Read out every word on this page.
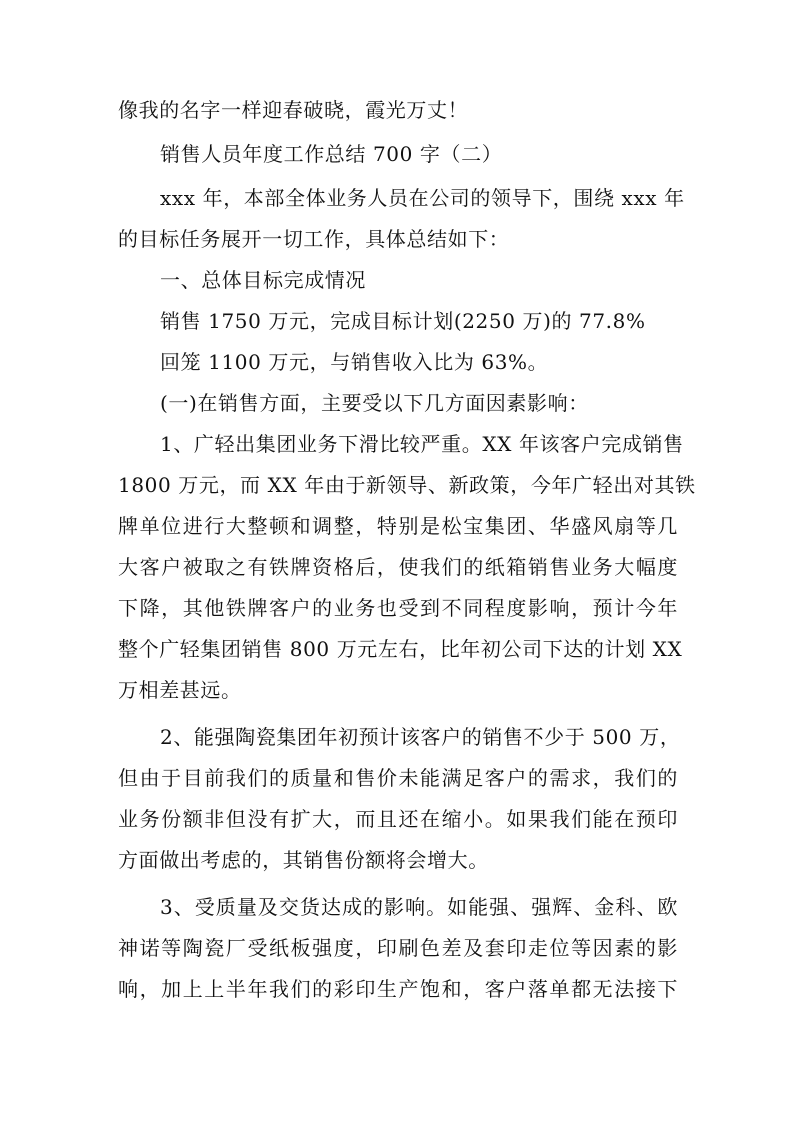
像我的名字一样迎春破晓，霞光万丈！
销售人员年度工作总结 700 字（二）
xxx 年，本部全体业务人员在公司的领导下，围绕 xxx 年
的目标任务展开一切工作，具体总结如下：
一、总体目标完成情况
销售 1750 万元，完成目标计划(2250 万)的 77.8%
回笼 1100 万元，与销售收入比为 63%。
(一)在销售方面，主要受以下几方面因素影响：
1、广轻出集团业务下滑比较严重。XX 年该客户完成销售
1800 万元，而 XX 年由于新领导、新政策，今年广轻出对其铁
牌单位进行大整顿和调整，特别是松宝集团、华盛风扇等几
大客户被取之有铁牌资格后，使我们的纸箱销售业务大幅度
下降，其他铁牌客户的业务也受到不同程度影响，预计今年
整个广轻集团销售 800 万元左右，比年初公司下达的计划 XX
万相差甚远。
2、能强陶瓷集团年初预计该客户的销售不少于 500 万，
但由于目前我们的质量和售价未能满足客户的需求，我们的
业务份额非但没有扩大，而且还在缩小。如果我们能在预印
方面做出考虑的，其销售份额将会增大。
3、受质量及交货达成的影响。如能强、强辉、金科、欧
神诺等陶瓷厂受纸板强度，印刷色差及套印走位等因素的影
响，加上上半年我们的彩印生产饱和，客户落单都无法接下
